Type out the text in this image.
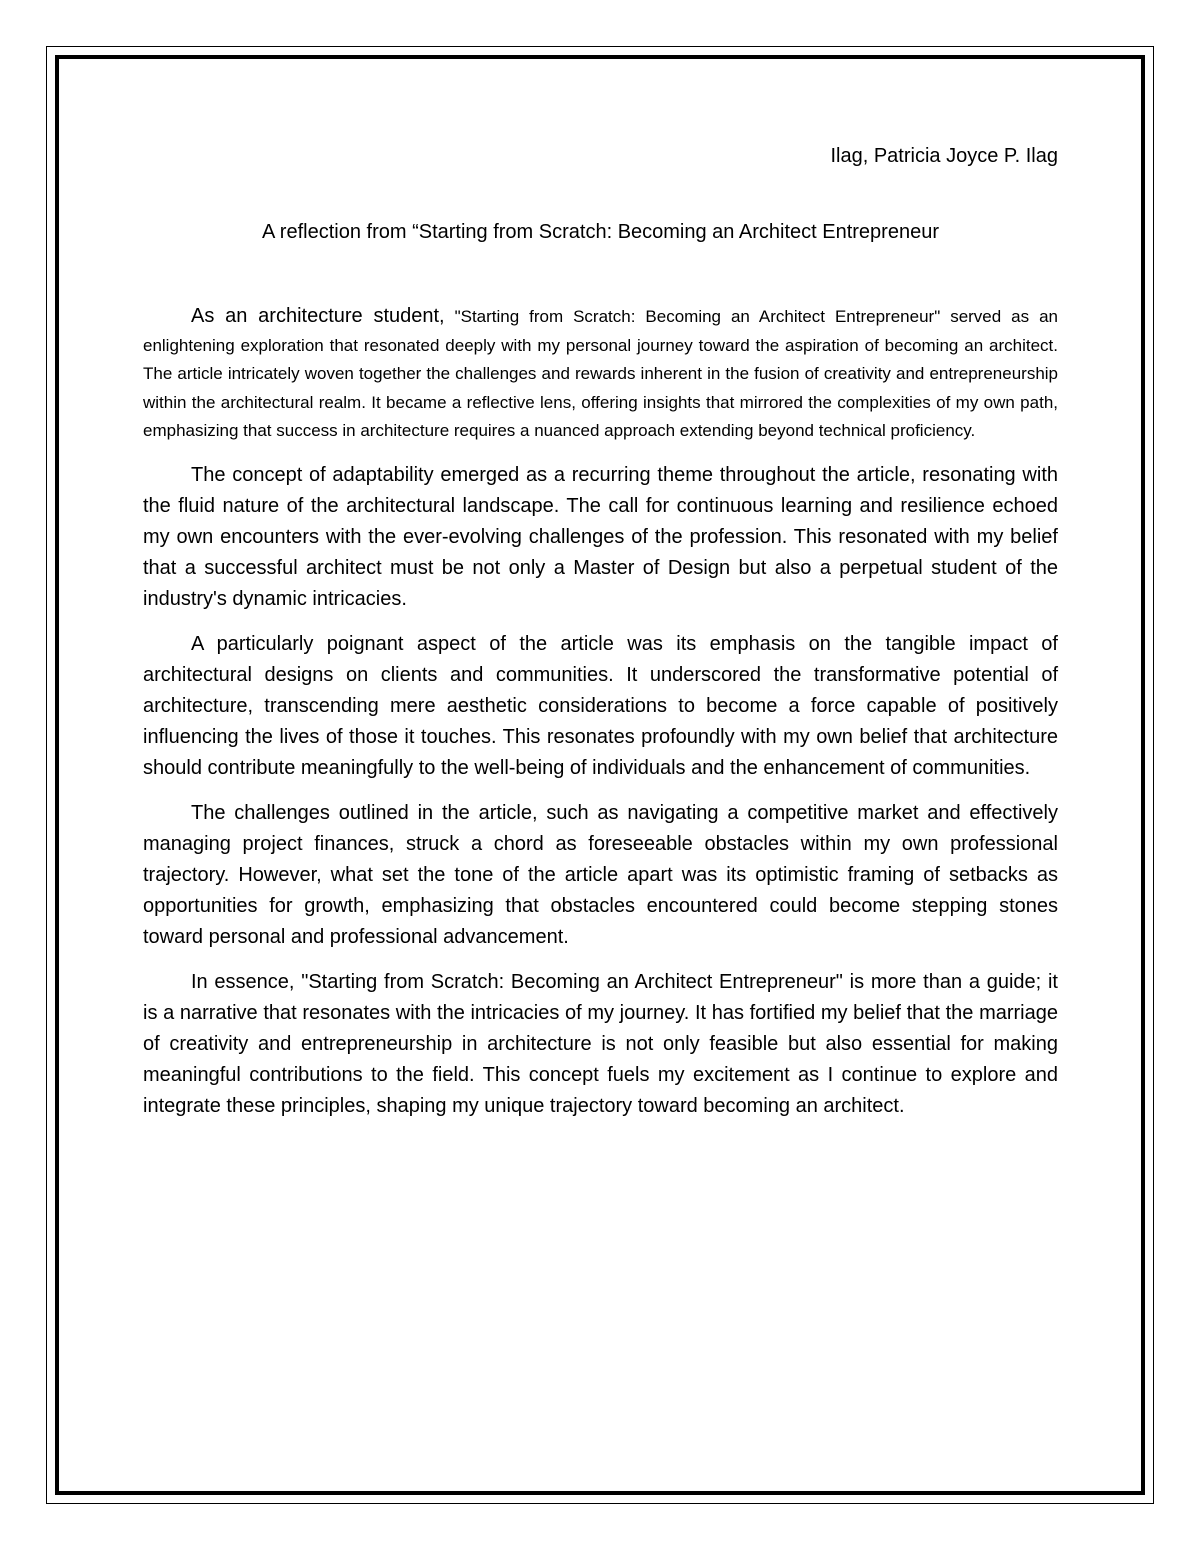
Ilag, Patricia Joyce P. Ilag

A reflection from “Starting from Scratch: Becoming an Architect Entrepreneur

As an architecture student, "Starting from Scratch: Becoming an Architect Entrepreneur" served as an enlightening exploration that resonated deeply with my personal journey toward the aspiration of becoming an architect. The article intricately woven together the challenges and rewards inherent in the fusion of creativity and entrepreneurship within the architectural realm. It became a reflective lens, offering insights that mirrored the complexities of my own path, emphasizing that success in architecture requires a nuanced approach extending beyond technical proficiency.

The concept of adaptability emerged as a recurring theme throughout the article, resonating with the fluid nature of the architectural landscape. The call for continuous learning and resilience echoed my own encounters with the ever-evolving challenges of the profession. This resonated with my belief that a successful architect must be not only a Master of Design but also a perpetual student of the industry's dynamic intricacies.

A particularly poignant aspect of the article was its emphasis on the tangible impact of architectural designs on clients and communities. It underscored the transformative potential of architecture, transcending mere aesthetic considerations to become a force capable of positively influencing the lives of those it touches. This resonates profoundly with my own belief that architecture should contribute meaningfully to the well-being of individuals and the enhancement of communities.

The challenges outlined in the article, such as navigating a competitive market and effectively managing project finances, struck a chord as foreseeable obstacles within my own professional trajectory. However, what set the tone of the article apart was its optimistic framing of setbacks as opportunities for growth, emphasizing that obstacles encountered could become stepping stones toward personal and professional advancement.

In essence, "Starting from Scratch: Becoming an Architect Entrepreneur" is more than a guide; it is a narrative that resonates with the intricacies of my journey. It has fortified my belief that the marriage of creativity and entrepreneurship in architecture is not only feasible but also essential for making meaningful contributions to the field. This concept fuels my excitement as I continue to explore and integrate these principles, shaping my unique trajectory toward becoming an architect.
